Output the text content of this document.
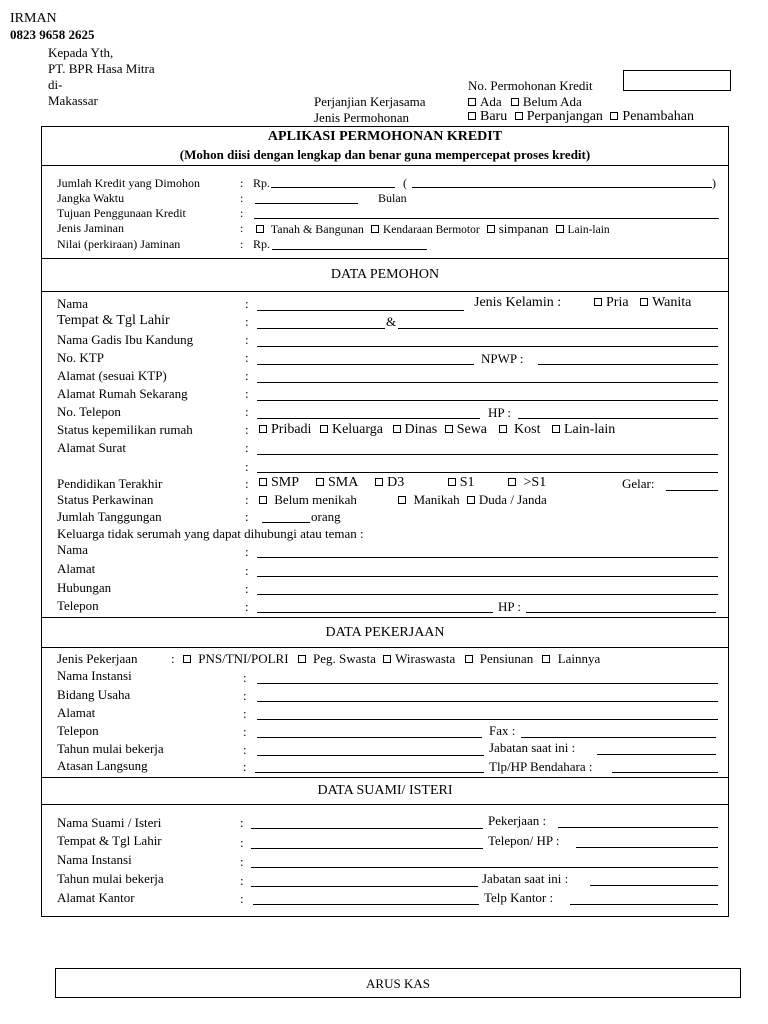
IRMAN
0823 9658 2625
Kepada Yth,
PT. BPR Hasa Mitra
di-
Makassar
No. Permohonan Kredit
Perjanjian Kerjasama	Ada Belum Ada
Jenis Permohonan	Baru Perpanjangan Penambahan
APLIKASI PERMOHONAN KREDIT
(Mohon diisi dengan lengkap dan benar guna mempercepat proses kredit)
Jumlah Kredit yang Dimohon	: Rp.	(	)
Jangka Waktu	:	Bulan
Tujuan Penggunaan Kredit	:
Jenis Jaminan	:	Tanah & Bangunan Kendaraan Bermotor simpanan Lain-lain
Nilai (perkiraan) Jaminan	: Rp.
DATA PEMOHON
Nama	:	Jenis Kelamin :	Pria Wanita
Tempat & Tgl Lahir	:	&
Nama Gadis Ibu Kandung	:
No. KTP	:	NPWP :
Alamat (sesuai KTP)	:
Alamat Rumah Sekarang	:
No. Telepon	:	HP :
Status kepemilikan rumah	:	Pribadi Keluarga Dinas Sewa Kost Lain-lain
Alamat Surat	:
:
Pendidikan Terakhir	:	SMP SMA D3	S1	>S1	Gelar:
Status Perkawinan	:	Belum menikah	Manikah Duda / Janda
Jumlah Tanggungan	:	orang
Keluarga tidak serumah yang dapat dihubungi atau teman :
Nama	:
Alamat	:
Hubungan	:
Telepon	:	HP :
DATA PEKERJAAN
Jenis Pekerjaan	:	PNS/TNI/POLRI Peg. Swasta Wiraswasta Pensiunan Lainnya
Nama Instansi	:
Bidang Usaha	:
Alamat	:
Telepon	:	Fax :
Tahun mulai bekerja	:	Jabatan saat ini :
Atasan Langsung	:	Tlp/HP Bendahara :
DATA SUAMI/ ISTERI
Nama Suami / Isteri	:	Pekerjaan :
Tempat & Tgl Lahir	:	Telepon/ HP :
Nama Instansi	:
Tahun mulai bekerja	:	Jabatan saat ini :
Alamat Kantor	:	Telp Kantor :
ARUS KAS
